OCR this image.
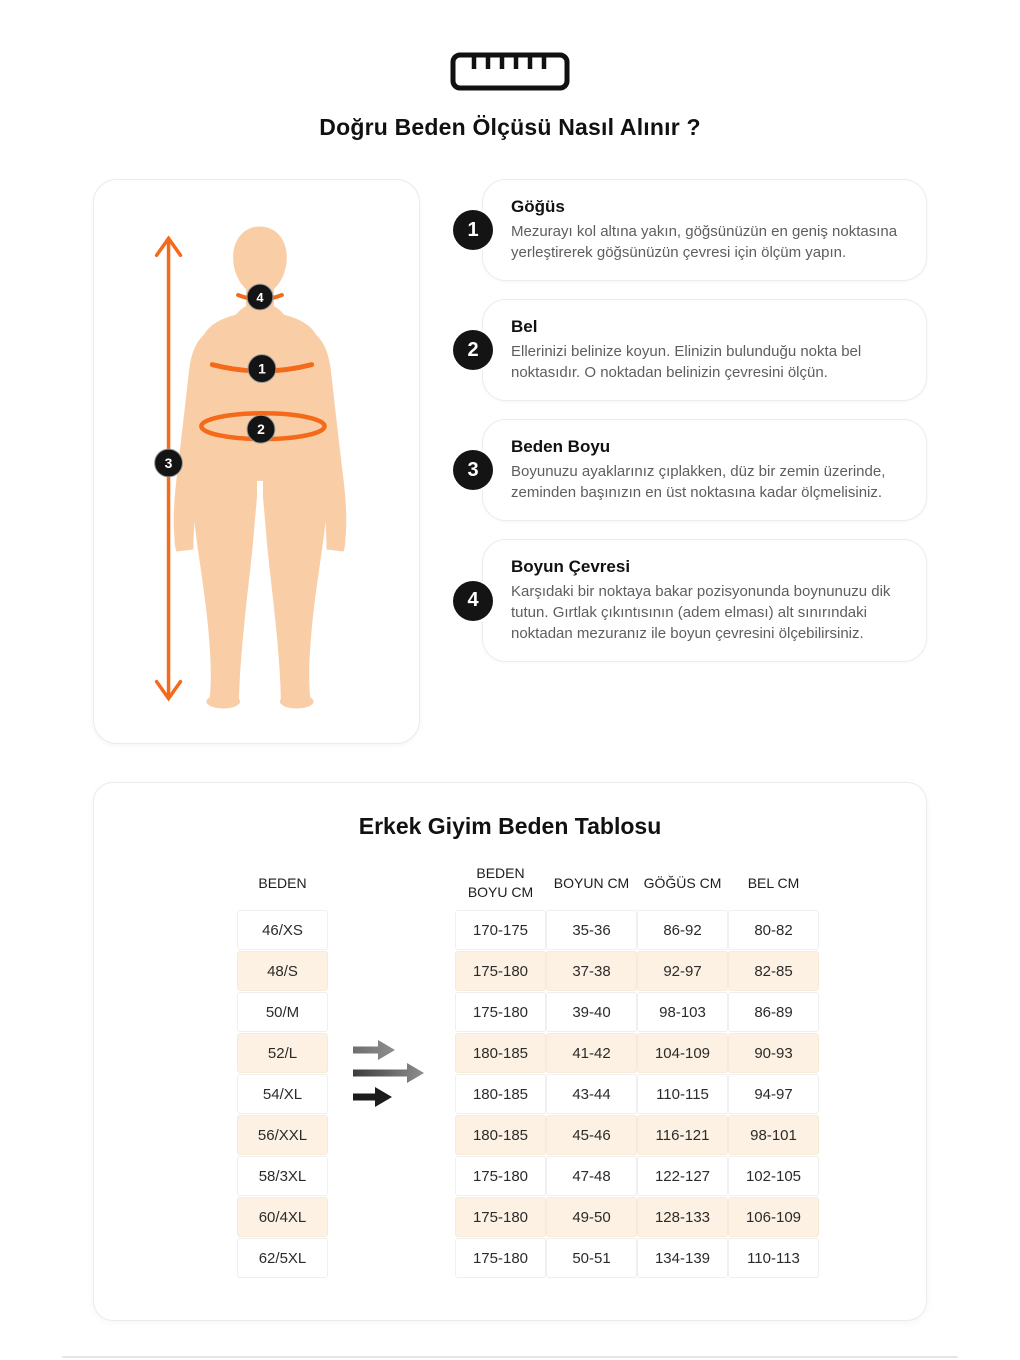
Doğru Beden Ölçüsü Nasıl Alınır ?
4
1
2
3
1
Göğüs
Mezurayı kol altına yakın, göğsünüzün en geniş noktasına yerleştirerek göğsünüzün çevresi için ölçüm yapın.
2
Bel
Ellerinizi belinize koyun. Elinizin bulunduğu nokta bel noktasıdır. O noktadan belinizin çevresini ölçün.
3
Beden Boyu
Boyunuzu ayaklarınız çıplakken, düz bir zemin üzerinde, zeminden başınızın en üst noktasına kadar ölçmelisiniz.
4
Boyun Çevresi
Karşıdaki bir noktaya bakar pozisyonunda boynunuzu dik tutun. Gırtlak çıkıntısının (adem elması) alt sınırındaki noktadan mezuranız ile boyun çevresini ölçebilirsiniz.
Erkek Giyim Beden Tablosu
BEDEN
BEDEN BOYU CM
BOYUN CM	GÖĞÜS CM	BEL CM
46/XS	170-175	35-36	86-92	80-82
48/S	175-180	37-38	92-97	82-85
50/M	175-180	39-40	98-103	86-89
52/L	180-185	41-42	104-109	90-93
54/XL	180-185	43-44	110-115	94-97
56/XXL	180-185	45-46	116-121	98-101
58/3XL	175-180	47-48	122-127	102-105
60/4XL	175-180	49-50	128-133	106-109
62/5XL	175-180	50-51	134-139	110-113
